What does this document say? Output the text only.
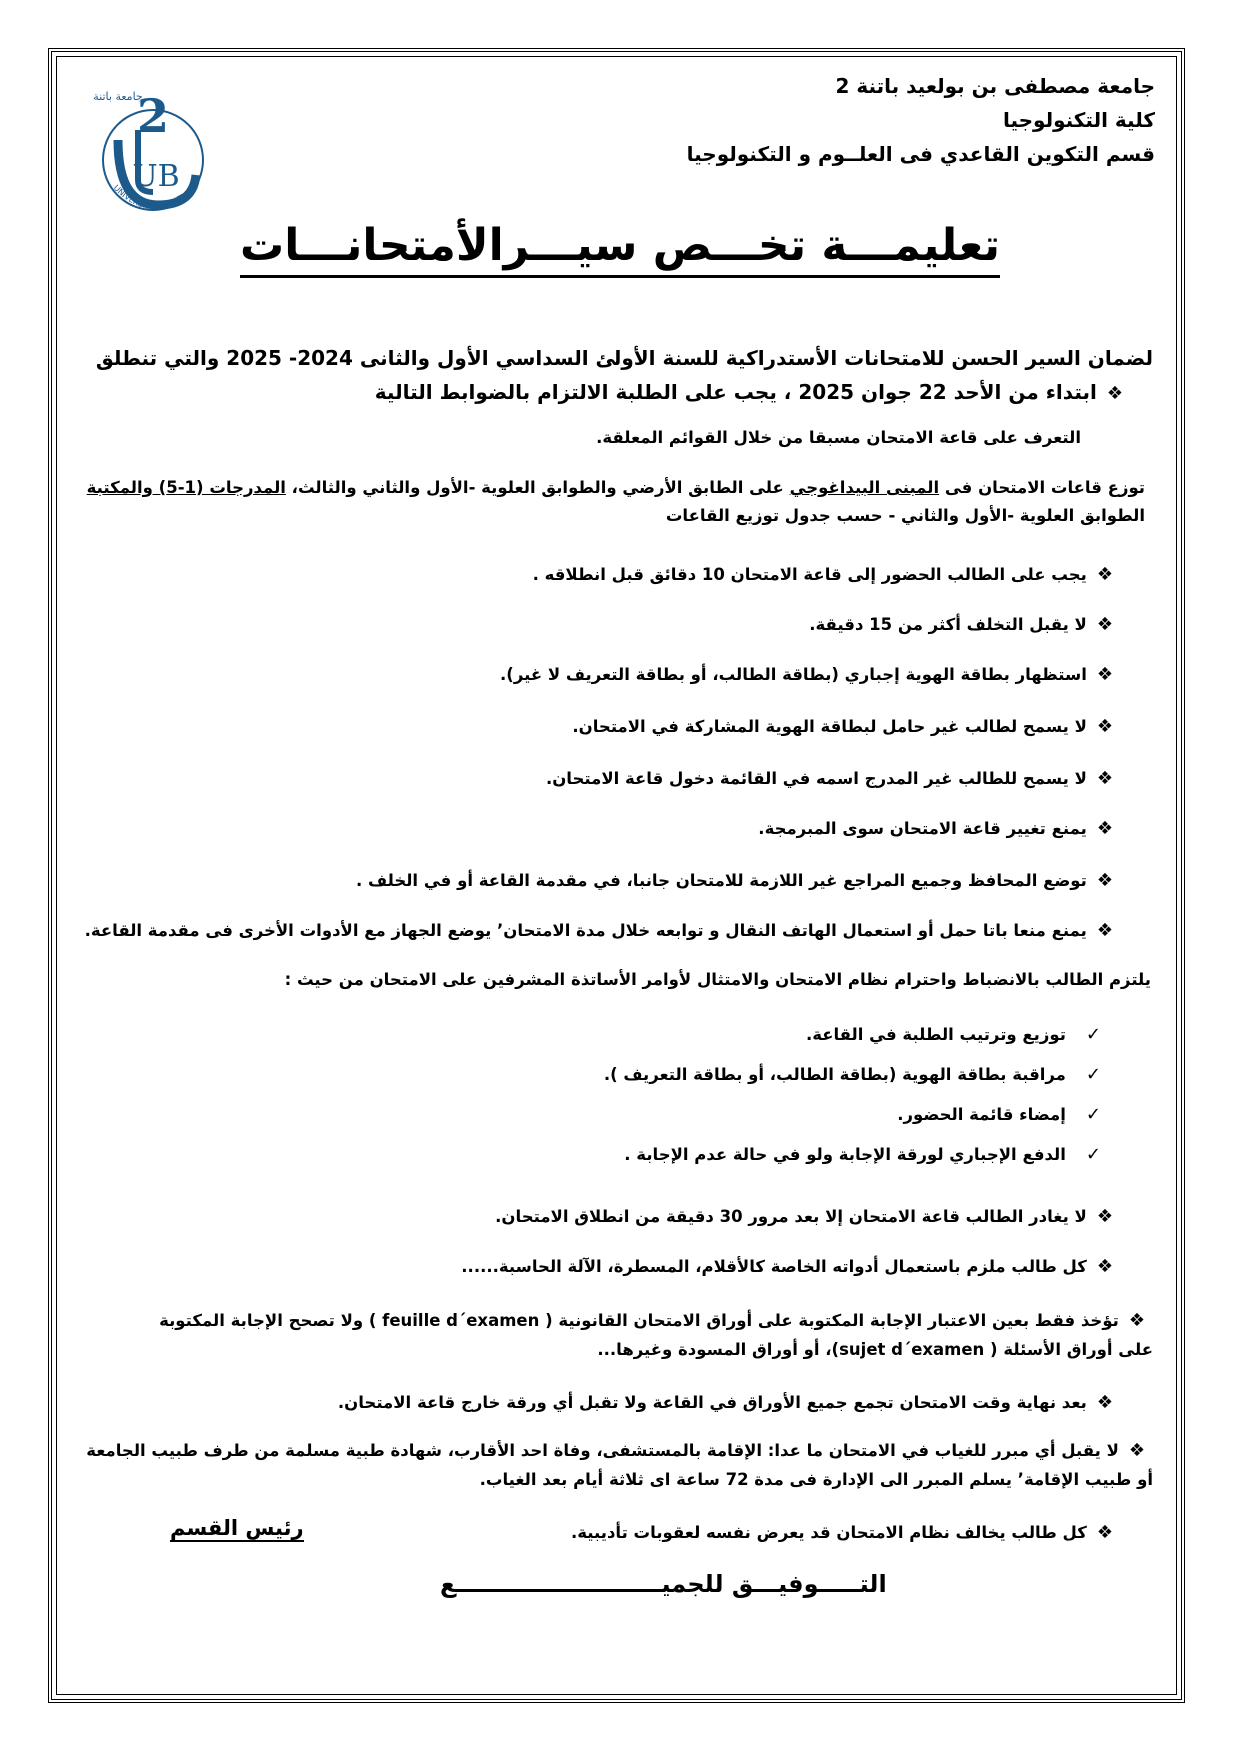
2
UB
جامعة باتنة
UNIVERSITY OF BATNA 2
جامعة مصطفى بن بولعيد باتنة 2
كلية التكنولوجيا
قسم التكوين القاعدي فى العلــوم و التكنولوجيا
تعليمـــة تخـــص سيـــرالأمتحانـــات
لضمان السير الحسن للامتحانات الأستدراكية للسنة الأولئ السداسي الأول والثانى 2024- 2025 والتي تنطلق
❖ابتداء من الأحد 22 جوان 2025 ، يجب على الطلبة الالتزام بالضوابط التالية
التعرف على قاعة الامتحان مسبقا من خلال القوائم المعلقة.
توزع قاعات الامتحان فى المبنى البيداغوجي على الطابق الأرضي والطوابق العلوية -الأول والثاني والثالث، المدرجات (1-5) والمكتبة
الطوابق العلوية -الأول والثاني - حسب جدول توزيع القاعات
❖يجب على الطالب الحضور إلى قاعة الامتحان 10 دقائق قبل انطلاقه .
❖لا يقبل التخلف أكثر من 15 دقيقة.
❖استظهار بطاقة الهوية إجباري (بطاقة الطالب، أو بطاقة التعريف لا غير).
❖لا يسمح لطالب غير حامل لبطاقة الهوية المشاركة في الامتحان.
❖لا يسمح للطالب غير المدرج اسمه في القائمة دخول قاعة الامتحان.
❖يمنع تغيير قاعة الامتحان سوى المبرمجة.
❖توضع المحافظ وجميع المراجع غير اللازمة للامتحان جانبا، في مقدمة القاعة أو في الخلف .
❖يمنع منعا باتا حمل أو استعمال الهاتف النقال و توابعه خلال مدة الامتحان’ يوضع الجهاز مع الأدوات الأخرى فى مقدمة القاعة.
يلتزم الطالب بالانضباط واحترام نظام الامتحان والامتثال لأوامر الأساتذة المشرفين على الامتحان من حيث :
✓توزيع وترتيب الطلبة في القاعة.
✓مراقبة بطاقة الهوية (بطاقة الطالب، أو بطاقة التعريف ).
✓إمضاء قائمة الحضور.
✓الدفع الإجباري لورقة الإجابة ولو في حالة عدم الإجابة .
❖لا يغادر الطالب قاعة الامتحان إلا بعد مرور 30 دقيقة من انطلاق الامتحان.
❖كل طالب ملزم باستعمال أدواته الخاصة كالأقلام، المسطرة، الآلة الحاسبة......
❖تؤخذ فقط بعين الاعتبار الإجابة المكتوبة على أوراق الامتحان القانونية ( feuille d´examen ) ولا تصحح الإجابة المكتوبة
على أوراق الأسئلة ( sujet d´examen)، أو أوراق المسودة وغيرها...
❖بعد نهاية وقت الامتحان تجمع جميع الأوراق في القاعة ولا تقبل أي ورقة خارج قاعة الامتحان.
❖لا يقبل أي مبرر للغياب في الامتحان ما عدا: الإقامة بالمستشفى، وفاة احد الأقارب، شهادة طبية مسلمة من طرف طبيب الجامعة
أو طبيب الإقامة’ يسلم المبرر الى الإدارة فى مدة 72 ساعة اى ثلاثة أيام بعد الغياب.
❖كل طالب يخالف نظام الامتحان قد يعرض نفسه لعقوبات تأديبية.
رئيس القسم
التـــــوفيـــق للجميـــــــــــــــــــــــــع
